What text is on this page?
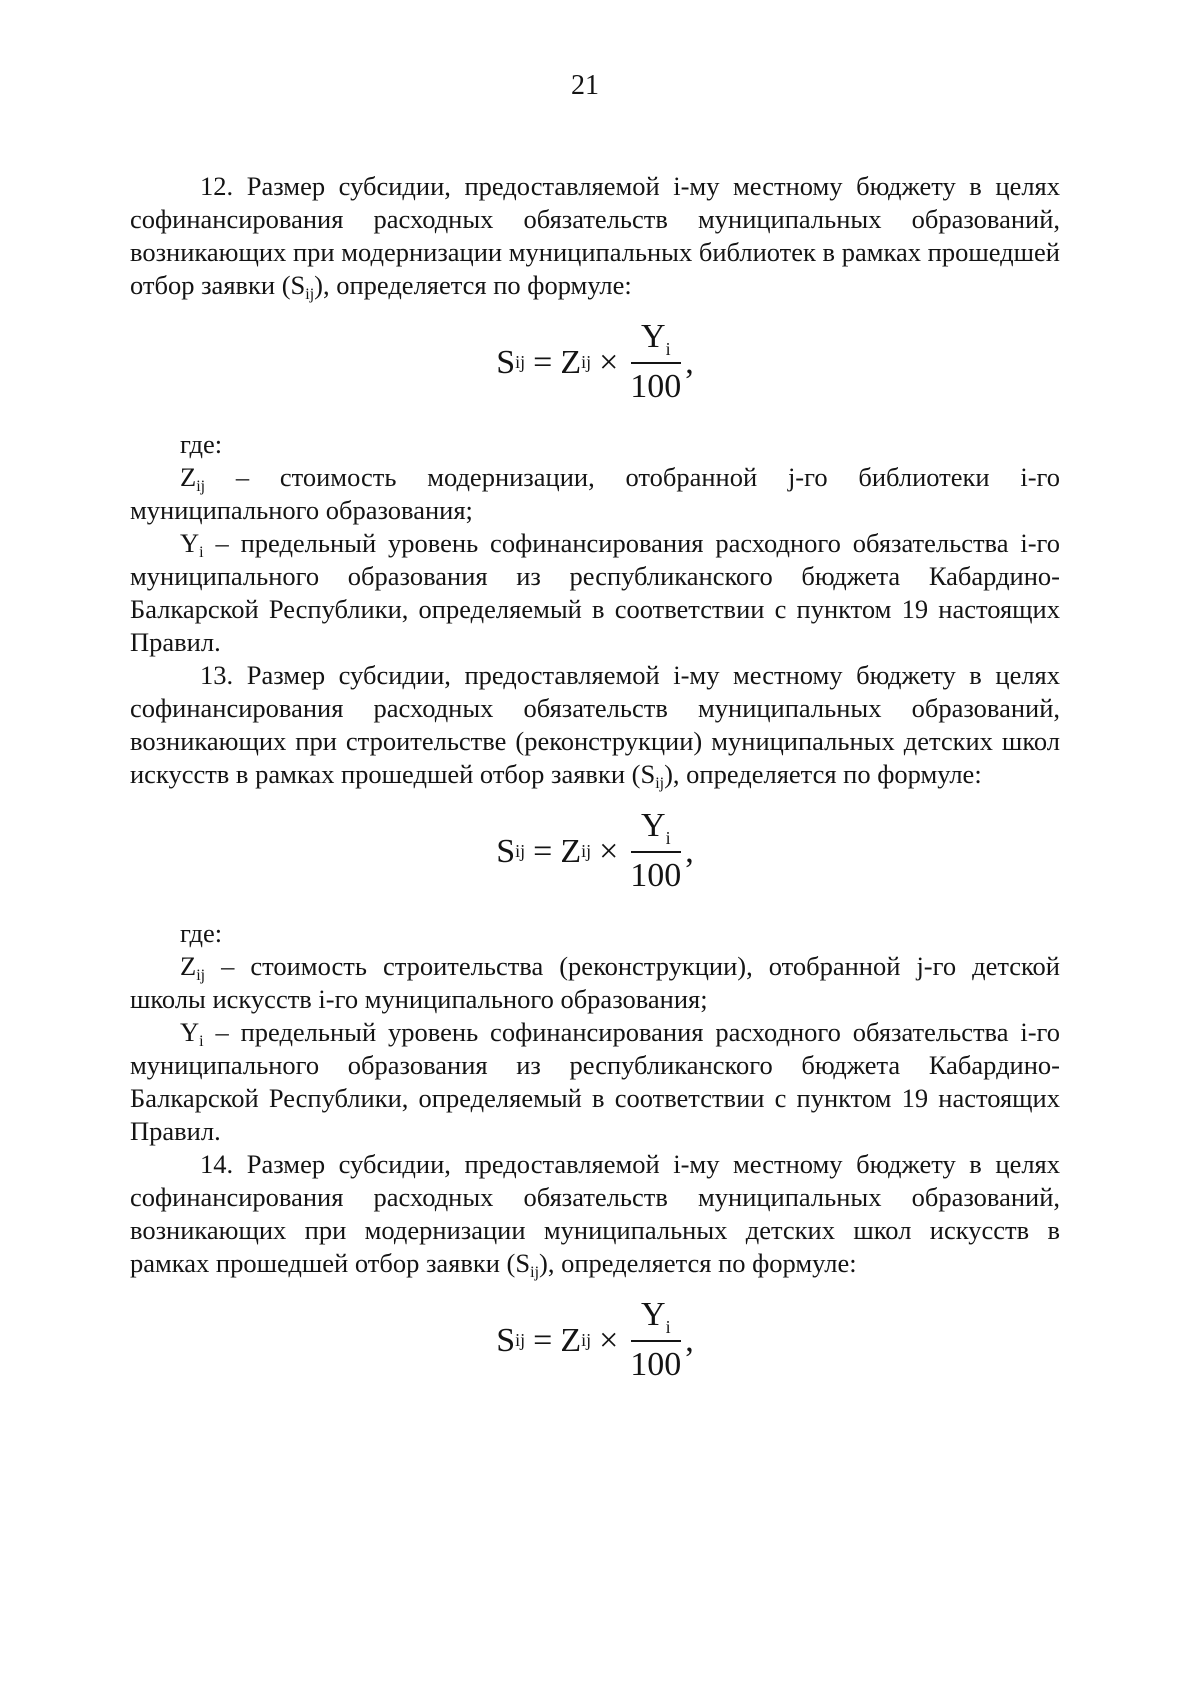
21

12. Размер субсидии, предоставляемой i-му местному бюджету в целях софинансирования расходных обязательств муниципальных образований, возникающих при модернизации муниципальных библиотек в рамках прошедшей отбор заявки $(S_{ij})$, определяется по формуле:

S ij = Z ij × $\frac{Y_i}{100}$ ,

где:

$Z_{ij}$ – стоимость модернизации, отобранной j-го библиотеки i-го муниципального образования;

$Y_i$ – предельный уровень софинансирования расходного обязательства i-го муниципального образования из республиканского бюджета Кабардино-Балкарской Республики, определяемый в соответствии с пунктом 19 настоящих Правил.

13. Размер субсидии, предоставляемой i-му местному бюджету в целях софинансирования расходных обязательств муниципальных образований, возникающих при строительстве (реконструкции) муниципальных детских школ искусств в рамках прошедшей отбор заявки $(S_{ij})$, определяется по формуле:

S ij = Z ij × $\frac{Y_i}{100}$ ,

где:

$Z_{ij}$ – стоимость строительства (реконструкции), отобранной j-го детской школы искусств i-го муниципального образования;

$Y_i$ – предельный уровень софинансирования расходного обязательства i-го муниципального образования из республиканского бюджета Кабардино-Балкарской Республики, определяемый в соответствии с пунктом 19 настоящих Правил.

14. Размер субсидии, предоставляемой i-му местному бюджету в целях софинансирования расходных обязательств муниципальных образований, возникающих при модернизации муниципальных детских школ искусств в рамках прошедшей отбор заявки $(S_{ij})$, определяется по формуле:

S ij = Z ij × $\frac{Y_i}{100}$ ,
